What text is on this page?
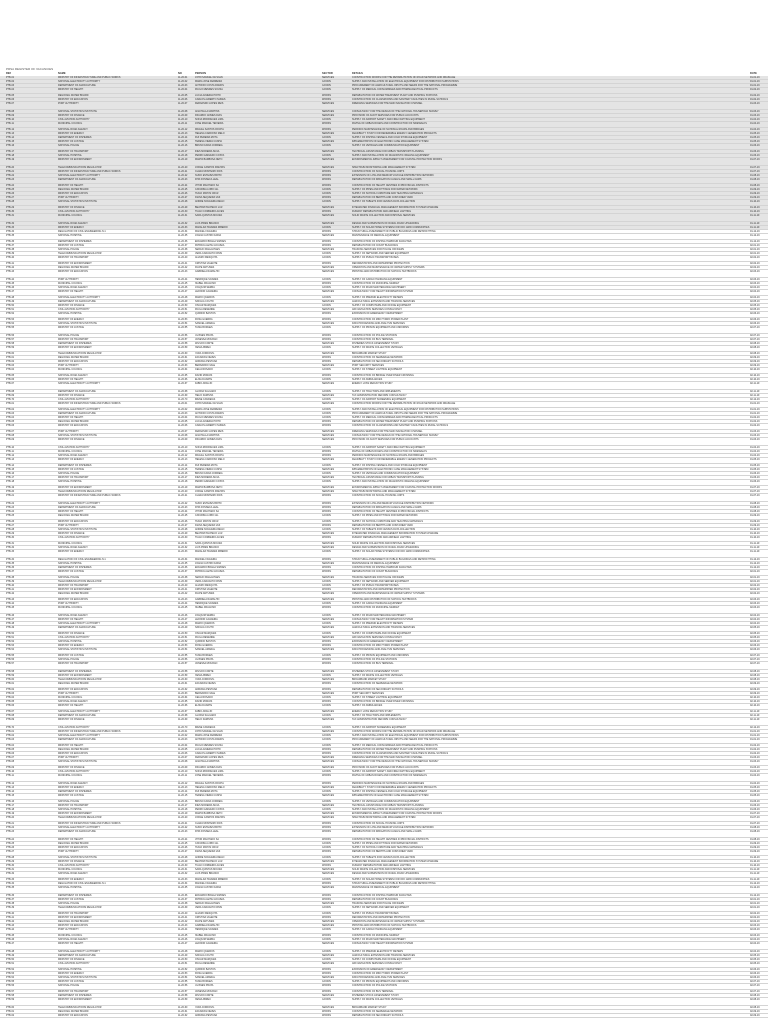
PRSA REGISTER OF VACANCIES
REF	NAME	NO	PERSON	SECTOR	DETAILS	DATE
PTB-01	MINISTRY OF INFRASTRUCTURE AND PUBLIC WORKS	11-20-01	JOHN SAMUEL DA SILVA	SERVICES	CONSTRUCTION WORKS FOR THE REHABILITATION OF ROAD NETWORK AND DRAINAGE	01-01-19
PTB-02	NATIONAL ELECTRICITY AUTHORITY	11-20-02	MARIA JOSE FERREIRA	GOODS	SUPPLY AND INSTALLATION OF ELECTRICAL EQUIPMENT FOR DISTRIBUTION SUBSTATIONS	01-01-19
PTB-03	DEPARTMENT OF AGRICULTURE	11-20-03	ANTONIO COSTA RAMOS	GOODS	PROCUREMENT OF AGRICULTURAL INPUTS AND SEEDS FOR THE NATIONAL PROGRAMME	01-01-19
PTB-04	MINISTRY OF HEALTH	11-20-04	PAULO MENDES SOUSA	GOODS	SUPPLY OF MEDICAL CONSUMABLES AND PHARMACEUTICAL PRODUCTS	01-02-19
PTB-05	REGIONAL WATER BOARD	11-20-05	LUCIA ALMEIDA PINTO	WORKS	REHABILITATION OF WATER TREATMENT PLANT AND PUMPING STATIONS	01-02-19
PTB-06	MINISTRY OF EDUCATION	11-20-06	CARLOS ALBERTO NUNES	WORKS	CONSTRUCTION OF CLASSROOMS AND SANITARY FACILITIES IN RURAL SCHOOLS	01-02-19
PTB-07	PORT AUTHORITY	11-20-07	FERNANDO LOPES REIS	SERVICES	DREDGING SERVICES FOR THE MAIN NAVIGATION CHANNEL	01-03-19
PTB-08	NATIONAL STATISTICS INSTITUTE	11-20-08	ANA PAULA MARTINS	SERVICES	CONSULTANCY FOR THE DESIGN OF THE NATIONAL HOUSEHOLD SURVEY	01-03-19
PTB-09	MINISTRY OF FINANCE	11-20-09	RICARDO GOMES DIAS	SERVICES	PROVISION OF AUDIT SERVICES FOR PUBLIC ACCOUNTS	01-03-19
PTB-10	CIVIL AVIATION AUTHORITY	11-20-10	SOFIA RODRIGUES LIMA	GOODS	SUPPLY OF AIRPORT SAFETY AND FIRE FIGHTING EQUIPMENT	01-04-19
PTB-11	MUNICIPAL COUNCIL	11-20-11	JOSE MANUEL TEIXEIRA	WORKS	PAVING OF URBAN ROADS AND CONSTRUCTION OF SIDEWALKS	01-04-19
PTB-12	NATIONAL ROAD AGENCY	11-20-12	MIGUEL SANTOS ROCHA	WORKS	PERIODIC MAINTENANCE OF NATIONAL ROADS AND BRIDGES	01-04-19
PTB-13	MINISTRY OF ENERGY	11-20-13	HELENA CARDOSO MELO	SERVICES	FEASIBILITY STUDY FOR RENEWABLE ENERGY GENERATION PROJECTS	01-05-19
PTB-14	DEPARTMENT OF FISHERIES	11-20-14	RUI PEREIRA MOTA	GOODS	SUPPLY OF FISHING VESSELS AND COLD STORAGE EQUIPMENT	01-05-19
PTB-15	MINISTRY OF JUSTICE	11-20-15	TERESA VIEIRA CUNHA	SERVICES	IMPLEMENTATION OF ELECTRONIC CASE MANAGEMENT SYSTEM	01-05-19
PTB-16	NATIONAL POLICE	11-20-16	BRUNO FARIA CORREIA	GOODS	SUPPLY OF VEHICLES AND COMMUNICATION EQUIPMENT	01-06-19
PTB-17	MINISTRY OF TRANSPORT	11-20-17	INES MOREIRA SILVA	SERVICES	TECHNICAL ASSISTANCE FOR URBAN TRANSPORT PLANNING	01-06-19
PTB-18	NATIONAL HOSPITAL	11-20-18	PEDRO AZEVEDO COSTA	GOODS	SUPPLY AND INSTALLATION OF DIAGNOSTIC IMAGING EQUIPMENT	01-06-19
PTB-19	MINISTRY OF ENVIRONMENT	11-20-19	MARTA BARBOSA NETO	SERVICES	ENVIRONMENTAL IMPACT ASSESSMENT FOR COASTAL PROTECTION WORKS	01-07-19
PTB-20	TELECOMMUNICATIONS REGULATOR	11-20-20	JORGE CAMPOS FREITAS	SERVICES	SPECTRUM MONITORING AND MANAGEMENT SYSTEM	01-07-19
PTB-21	MINISTRY OF INFRASTRUCTURE AND PUBLIC WORKS	11-20-21	CLARA MONTEIRO PAIS	WORKS	CONSTRUCTION OF SOCIAL HOUSING UNITS	01-07-19
PTB-22	NATIONAL ELECTRICITY AUTHORITY	11-20-22	NUNO ESTEVES BRITO	WORKS	EXTENSION OF LOW AND MEDIUM VOLTAGE DISTRIBUTION NETWORK	01-08-19
PTB-23	DEPARTMENT OF AGRICULTURE	11-20-23	RITA FONSECA LEAL	WORKS	REHABILITATION OF IRRIGATION CANALS AND SMALL DAMS	01-08-19
PTB-24	MINISTRY OF HEALTH	11-20-24	VITOR MACHADO SA	WORKS	CONSTRUCTION OF HEALTH CENTRES IN PROVINCIAL DISTRICTS	01-08-19
PTB-25	REGIONAL WATER BOARD	11-20-25	CATARINA LOBO GIL	GOODS	SUPPLY OF PIPES AND FITTINGS FOR WATER NETWORK	01-09-19
PTB-26	MINISTRY OF EDUCATION	11-20-26	HUGO MATOS CRUZ	GOODS	SUPPLY OF SCHOOL FURNITURE AND TEACHING MATERIALS	01-09-19
PTB-27	PORT AUTHORITY	11-20-27	DIANA SEQUEIRA VAZ	WORKS	REHABILITATION OF BERTHS AND CONTAINER YARD	01-09-19
PTB-28	NATIONAL STATISTICS INSTITUTE	11-20-28	ANDRE NOGUEIRA REGO	GOODS	SUPPLY OF TABLETS FOR CENSUS DATA COLLECTION	01-10-19
PTB-29	MINISTRY OF FINANCE	11-20-29	BEATRIZ PACHECO LUZ	SERVICES	INTEGRATED FINANCIAL MANAGEMENT INFORMATION SYSTEM UPGRADE	01-10-19
PTB-30	CIVIL AVIATION AUTHORITY	11-20-30	TIAGO CORDEIRO ALVES	WORKS	RUNWAY REHABILITATION AND AIRFIELD LIGHTING	01-10-19
PTB-31	MUNICIPAL COUNCIL	11-20-31	SARA QUINTAS MOURA	SERVICES	SOLID WASTE COLLECTION AND DISPOSAL SERVICES	01-11-19
PTB-32	NATIONAL ROAD AGENCY	11-20-32	LUIS PIRES BRANCO	SERVICES	DESIGN AND SUPERVISION OF RURAL ROAD UPGRADING	01-11-19
PTB-33	MINISTRY OF ENERGY	11-20-33	MAFALDA TAVARES RIBEIRO	GOODS	SUPPLY OF SOLAR HOME SYSTEMS FOR OFF GRID COMMUNITIES	01-11-19
PTB-34	REGULATION OF CIVIL ENGINEERING N.1	11-20-34	MANUEL FIGUEIRA	WORKS	STRUCTURAL ASSESSMENT OF PUBLIC BUILDINGS AND RETROFITTING	01-12-19
PTB-35	NATIONAL HOSPITAL	11-20-35	JOANA CASTRO FARIA	SERVICES	MAINTENANCE OF MEDICAL EQUIPMENT	01-12-19
PTB-36	DEPARTMENT OF FISHERIES	11-20-36	EDUARDO BRAGA SIMOES	WORKS	CONSTRUCTION OF FISHING HARBOUR FACILITIES	01-12-19
PTB-37	MINISTRY OF JUSTICE	11-20-37	PATRICIA LEITE GOUVEIA	WORKS	REHABILITATION OF COURT BUILDINGS	02-01-19
PTB-38	NATIONAL POLICE	11-20-38	SERGIO MAGALHAES	SERVICES	TRAINING SERVICES FOR POLICE OFFICERS	02-01-19
PTB-39	TELECOMMUNICATIONS REGULATOR	11-20-39	VERA CARVALHO DINIS	GOODS	SUPPLY OF NETWORK AND SERVER EQUIPMENT	02-01-19
PTB-40	MINISTRY OF TRANSPORT	11-20-40	ALVARO MESQUITA	GOODS	SUPPLY OF PUBLIC TRANSPORT BUSES	02-02-19
PTB-41	MINISTRY OF ENVIRONMENT	11-20-41	CRISTINA VALENTE	WORKS	REFORESTATION AND WATERSHED PROTECTION	02-02-19
PTB-42	REGIONAL WATER BOARD	11-20-42	FILIPE ANTUNES	SERVICES	OPERATION AND MAINTENANCE OF WATER SUPPLY SYSTEMS	02-02-19
PTB-43	MINISTRY OF EDUCATION	11-20-43	GABRIELA RAMALHO	SERVICES	PRINTING AND DISTRIBUTION OF SCHOOL TEXTBOOKS	02-03-19
PTB-44	PORT AUTHORITY	11-20-44	HENRIQUE SOARES	GOODS	SUPPLY OF CARGO HANDLING EQUIPMENT	02-03-19
PTB-45	MUNICIPAL COUNCIL	11-20-45	ISABEL FRAGOSO	WORKS	CONSTRUCTION OF MUNICIPAL MARKET	02-03-19
PTB-46	NATIONAL ROAD AGENCY	11-20-46	JOAQUIM SERRA	GOODS	SUPPLY OF ROAD MAINTENANCE MACHINERY	02-04-19
PTB-47	MINISTRY OF HEALTH	11-20-47	LEONOR CALDEIRA	SERVICES	CONSULTANCY FOR HEALTH INFORMATION SYSTEM	02-04-19
PTB-48	NATIONAL ELECTRICITY AUTHORITY	11-20-48	MARIO QUEIROS	GOODS	SUPPLY OF PREPAID ELECTRICITY METERS	02-04-19
PTB-49	DEPARTMENT OF AGRICULTURE	11-20-49	NATALIA COUTO	SERVICES	AGRICULTURAL EXTENSION AND TRAINING SERVICES	02-05-19
PTB-50	MINISTRY OF FINANCE	11-20-50	OSCAR MARQUES	GOODS	SUPPLY OF COMPUTERS AND OFFICE EQUIPMENT	02-05-19
PTB-51	CIVIL AVIATION AUTHORITY	11-20-51	PAULA RESENDE	SERVICES	AIR NAVIGATION SERVICES CONSULTANCY	02-05-19
PTB-52	NATIONAL HOSPITAL	11-20-52	QUIRINO BASTOS	WORKS	EXPANSION OF EMERGENCY DEPARTMENT	02-06-19
PTB-53	MINISTRY OF ENERGY	11-20-53	ROSA GUERRA	WORKS	CONSTRUCTION OF MINI HYDRO POWER PLANT	02-06-19
PTB-54	NATIONAL STATISTICS INSTITUTE	11-20-54	SAMUEL AMARAL	SERVICES	DATA PROCESSING AND ANALYSIS SERVICES	02-06-19
PTB-55	MINISTRY OF JUSTICE	11-20-55	TANIA BORGES	GOODS	SUPPLY OF PRISON EQUIPMENT AND UNIFORMS	02-07-19
PTB-56	NATIONAL POLICE	11-20-56	ULISSES PRATA	WORKS	CONSTRUCTION OF POLICE STATIONS	02-07-19
PTB-57	MINISTRY OF TRANSPORT	11-20-57	VANESSA MOURAO	WORKS	CONSTRUCTION OF BUS TERMINAL	02-07-19
PTB-58	DEPARTMENT OF FISHERIES	11-20-58	WILSON CORTE	SERVICES	FISHERIES STOCK ASSESSMENT STUDY	02-08-19
PTB-59	MINISTRY OF ENVIRONMENT	11-20-59	XENIA ABREU	GOODS	SUPPLY OF WASTE COLLECTION VEHICLES	02-08-19
PTB-60	TELECOMMUNICATIONS REGULATOR	11-20-60	YARA CORDOVIL	SERVICES	BROADBAND MARKET STUDY	02-08-19
PTB-61	REGIONAL WATER BOARD	11-20-61	ZACARIAS NEVES	WORKS	CONSTRUCTION OF SEWERAGE NETWORK	02-09-19
PTB-62	MINISTRY OF EDUCATION	11-20-62	ADRIANA PESTANA	WORKS	REHABILITATION OF SECONDARY SCHOOLS	02-09-19
PTB-63	PORT AUTHORITY	11-20-63	BERNARDO VALE	SERVICES	PORT SECURITY SERVICES	02-09-19
PTB-64	MUNICIPAL COUNCIL	11-20-64	CELIA ROSADO	GOODS	SUPPLY OF STREET LIGHTING EQUIPMENT	02-10-19
PTB-65	NATIONAL ROAD AGENCY	11-20-65	DAVID MORAIS	WORKS	CONSTRUCTION OF BRIDGE OVER RIVER CROSSING	02-10-19
PTB-66	MINISTRY OF HEALTH	11-20-66	ELISA DUARTE	GOODS	SUPPLY OF AMBULANCES	02-10-19
PTB-67	NATIONAL ELECTRICITY AUTHORITY	11-20-67	FABIO ARAUJO	SERVICES	ENERGY LOSS REDUCTION STUDY	02-11-19
PTB-68	DEPARTMENT OF AGRICULTURE	11-20-68	GLORIA SALGADO	GOODS	SUPPLY OF TRACTORS AND IMPLEMENTS	02-11-19
PTB-69	MINISTRY OF FINANCE	11-20-69	HELIO FARINHA	SERVICES	TAX ADMINISTRATION REFORM CONSULTANCY	02-11-19
PTB-70	CIVIL AVIATION AUTHORITY	11-20-70	IRENE CANDEIAS	GOODS	SUPPLY OF AIRPORT SCREENING EQUIPMENT	02-12-19
PTB-01	MINISTRY OF INFRASTRUCTURE AND PUBLIC WORKS	11-20-01	JOHN SAMUEL DA SILVA	SERVICES	CONSTRUCTION WORKS FOR THE REHABILITATION OF ROAD NETWORK AND DRAINAGE	01-01-19
PTB-02	NATIONAL ELECTRICITY AUTHORITY	11-20-02	MARIA JOSE FERREIRA	GOODS	SUPPLY AND INSTALLATION OF ELECTRICAL EQUIPMENT FOR DISTRIBUTION SUBSTATIONS	01-01-19
PTB-03	DEPARTMENT OF AGRICULTURE	11-20-03	ANTONIO COSTA RAMOS	GOODS	PROCUREMENT OF AGRICULTURAL INPUTS AND SEEDS FOR THE NATIONAL PROGRAMME	01-01-19
PTB-04	MINISTRY OF HEALTH	11-20-04	PAULO MENDES SOUSA	GOODS	SUPPLY OF MEDICAL CONSUMABLES AND PHARMACEUTICAL PRODUCTS	01-02-19
PTB-05	REGIONAL WATER BOARD	11-20-05	LUCIA ALMEIDA PINTO	WORKS	REHABILITATION OF WATER TREATMENT PLANT AND PUMPING STATIONS	01-02-19
PTB-06	MINISTRY OF EDUCATION	11-20-06	CARLOS ALBERTO NUNES	WORKS	CONSTRUCTION OF CLASSROOMS AND SANITARY FACILITIES IN RURAL SCHOOLS	01-02-19
PTB-07	PORT AUTHORITY	11-20-07	FERNANDO LOPES REIS	SERVICES	DREDGING SERVICES FOR THE MAIN NAVIGATION CHANNEL	01-03-19
PTB-08	NATIONAL STATISTICS INSTITUTE	11-20-08	ANA PAULA MARTINS	SERVICES	CONSULTANCY FOR THE DESIGN OF THE NATIONAL HOUSEHOLD SURVEY	01-03-19
PTB-09	MINISTRY OF FINANCE	11-20-09	RICARDO GOMES DIAS	SERVICES	PROVISION OF AUDIT SERVICES FOR PUBLIC ACCOUNTS	01-03-19
PTB-10	CIVIL AVIATION AUTHORITY	11-20-10	SOFIA RODRIGUES LIMA	GOODS	SUPPLY OF AIRPORT SAFETY AND FIRE FIGHTING EQUIPMENT	01-04-19
PTB-11	MUNICIPAL COUNCIL	11-20-11	JOSE MANUEL TEIXEIRA	WORKS	PAVING OF URBAN ROADS AND CONSTRUCTION OF SIDEWALKS	01-04-19
PTB-12	NATIONAL ROAD AGENCY	11-20-12	MIGUEL SANTOS ROCHA	WORKS	PERIODIC MAINTENANCE OF NATIONAL ROADS AND BRIDGES	01-04-19
PTB-13	MINISTRY OF ENERGY	11-20-13	HELENA CARDOSO MELO	SERVICES	FEASIBILITY STUDY FOR RENEWABLE ENERGY GENERATION PROJECTS	01-05-19
PTB-14	DEPARTMENT OF FISHERIES	11-20-14	RUI PEREIRA MOTA	GOODS	SUPPLY OF FISHING VESSELS AND COLD STORAGE EQUIPMENT	01-05-19
PTB-15	MINISTRY OF JUSTICE	11-20-15	TERESA VIEIRA CUNHA	SERVICES	IMPLEMENTATION OF ELECTRONIC CASE MANAGEMENT SYSTEM	01-05-19
PTB-16	NATIONAL POLICE	11-20-16	BRUNO FARIA CORREIA	GOODS	SUPPLY OF VEHICLES AND COMMUNICATION EQUIPMENT	01-06-19
PTB-17	MINISTRY OF TRANSPORT	11-20-17	INES MOREIRA SILVA	SERVICES	TECHNICAL ASSISTANCE FOR URBAN TRANSPORT PLANNING	01-06-19
PTB-18	NATIONAL HOSPITAL	11-20-18	PEDRO AZEVEDO COSTA	GOODS	SUPPLY AND INSTALLATION OF DIAGNOSTIC IMAGING EQUIPMENT	01-06-19
PTB-19	MINISTRY OF ENVIRONMENT	11-20-19	MARTA BARBOSA NETO	SERVICES	ENVIRONMENTAL IMPACT ASSESSMENT FOR COASTAL PROTECTION WORKS	01-07-19
PTB-20	TELECOMMUNICATIONS REGULATOR	11-20-20	JORGE CAMPOS FREITAS	SERVICES	SPECTRUM MONITORING AND MANAGEMENT SYSTEM	01-07-19
PTB-21	MINISTRY OF INFRASTRUCTURE AND PUBLIC WORKS	11-20-21	CLARA MONTEIRO PAIS	WORKS	CONSTRUCTION OF SOCIAL HOUSING UNITS	01-07-19
PTB-22	NATIONAL ELECTRICITY AUTHORITY	11-20-22	NUNO ESTEVES BRITO	WORKS	EXTENSION OF LOW AND MEDIUM VOLTAGE DISTRIBUTION NETWORK	01-08-19
PTB-23	DEPARTMENT OF AGRICULTURE	11-20-23	RITA FONSECA LEAL	WORKS	REHABILITATION OF IRRIGATION CANALS AND SMALL DAMS	01-08-19
PTB-24	MINISTRY OF HEALTH	11-20-24	VITOR MACHADO SA	WORKS	CONSTRUCTION OF HEALTH CENTRES IN PROVINCIAL DISTRICTS	01-08-19
PTB-25	REGIONAL WATER BOARD	11-20-25	CATARINA LOBO GIL	GOODS	SUPPLY OF PIPES AND FITTINGS FOR WATER NETWORK	01-09-19
PTB-26	MINISTRY OF EDUCATION	11-20-26	HUGO MATOS CRUZ	GOODS	SUPPLY OF SCHOOL FURNITURE AND TEACHING MATERIALS	01-09-19
PTB-27	PORT AUTHORITY	11-20-27	DIANA SEQUEIRA VAZ	WORKS	REHABILITATION OF BERTHS AND CONTAINER YARD	01-09-19
PTB-28	NATIONAL STATISTICS INSTITUTE	11-20-28	ANDRE NOGUEIRA REGO	GOODS	SUPPLY OF TABLETS FOR CENSUS DATA COLLECTION	01-10-19
PTB-29	MINISTRY OF FINANCE	11-20-29	BEATRIZ PACHECO LUZ	SERVICES	INTEGRATED FINANCIAL MANAGEMENT INFORMATION SYSTEM UPGRADE	01-10-19
PTB-30	CIVIL AVIATION AUTHORITY	11-20-30	TIAGO CORDEIRO ALVES	WORKS	RUNWAY REHABILITATION AND AIRFIELD LIGHTING	01-10-19
PTB-31	MUNICIPAL COUNCIL	11-20-31	SARA QUINTAS MOURA	SERVICES	SOLID WASTE COLLECTION AND DISPOSAL SERVICES	01-11-19
PTB-32	NATIONAL ROAD AGENCY	11-20-32	LUIS PIRES BRANCO	SERVICES	DESIGN AND SUPERVISION OF RURAL ROAD UPGRADING	01-11-19
PTB-33	MINISTRY OF ENERGY	11-20-33	MAFALDA TAVARES RIBEIRO	GOODS	SUPPLY OF SOLAR HOME SYSTEMS FOR OFF GRID COMMUNITIES	01-11-19
PTB-34	REGULATION OF CIVIL ENGINEERING N.1	11-20-34	MANUEL FIGUEIRA	WORKS	STRUCTURAL ASSESSMENT OF PUBLIC BUILDINGS AND RETROFITTING	01-12-19
PTB-35	NATIONAL HOSPITAL	11-20-35	JOANA CASTRO FARIA	SERVICES	MAINTENANCE OF MEDICAL EQUIPMENT	01-12-19
PTB-36	DEPARTMENT OF FISHERIES	11-20-36	EDUARDO BRAGA SIMOES	WORKS	CONSTRUCTION OF FISHING HARBOUR FACILITIES	01-12-19
PTB-37	MINISTRY OF JUSTICE	11-20-37	PATRICIA LEITE GOUVEIA	WORKS	REHABILITATION OF COURT BUILDINGS	02-01-19
PTB-38	NATIONAL POLICE	11-20-38	SERGIO MAGALHAES	SERVICES	TRAINING SERVICES FOR POLICE OFFICERS	02-01-19
PTB-39	TELECOMMUNICATIONS REGULATOR	11-20-39	VERA CARVALHO DINIS	GOODS	SUPPLY OF NETWORK AND SERVER EQUIPMENT	02-01-19
PTB-40	MINISTRY OF TRANSPORT	11-20-40	ALVARO MESQUITA	GOODS	SUPPLY OF PUBLIC TRANSPORT BUSES	02-02-19
PTB-41	MINISTRY OF ENVIRONMENT	11-20-41	CRISTINA VALENTE	WORKS	REFORESTATION AND WATERSHED PROTECTION	02-02-19
PTB-42	REGIONAL WATER BOARD	11-20-42	FILIPE ANTUNES	SERVICES	OPERATION AND MAINTENANCE OF WATER SUPPLY SYSTEMS	02-02-19
PTB-43	MINISTRY OF EDUCATION	11-20-43	GABRIELA RAMALHO	SERVICES	PRINTING AND DISTRIBUTION OF SCHOOL TEXTBOOKS	02-03-19
PTB-44	PORT AUTHORITY	11-20-44	HENRIQUE SOARES	GOODS	SUPPLY OF CARGO HANDLING EQUIPMENT	02-03-19
PTB-45	MUNICIPAL COUNCIL	11-20-45	ISABEL FRAGOSO	WORKS	CONSTRUCTION OF MUNICIPAL MARKET	02-03-19
PTB-46	NATIONAL ROAD AGENCY	11-20-46	JOAQUIM SERRA	GOODS	SUPPLY OF ROAD MAINTENANCE MACHINERY	02-04-19
PTB-47	MINISTRY OF HEALTH	11-20-47	LEONOR CALDEIRA	SERVICES	CONSULTANCY FOR HEALTH INFORMATION SYSTEM	02-04-19
PTB-48	NATIONAL ELECTRICITY AUTHORITY	11-20-48	MARIO QUEIROS	GOODS	SUPPLY OF PREPAID ELECTRICITY METERS	02-04-19
PTB-49	DEPARTMENT OF AGRICULTURE	11-20-49	NATALIA COUTO	SERVICES	AGRICULTURAL EXTENSION AND TRAINING SERVICES	02-05-19
PTB-50	MINISTRY OF FINANCE	11-20-50	OSCAR MARQUES	GOODS	SUPPLY OF COMPUTERS AND OFFICE EQUIPMENT	02-05-19
PTB-51	CIVIL AVIATION AUTHORITY	11-20-51	PAULA RESENDE	SERVICES	AIR NAVIGATION SERVICES CONSULTANCY	02-05-19
PTB-52	NATIONAL HOSPITAL	11-20-52	QUIRINO BASTOS	WORKS	EXPANSION OF EMERGENCY DEPARTMENT	02-06-19
PTB-53	MINISTRY OF ENERGY	11-20-53	ROSA GUERRA	WORKS	CONSTRUCTION OF MINI HYDRO POWER PLANT	02-06-19
PTB-54	NATIONAL STATISTICS INSTITUTE	11-20-54	SAMUEL AMARAL	SERVICES	DATA PROCESSING AND ANALYSIS SERVICES	02-06-19
PTB-55	MINISTRY OF JUSTICE	11-20-55	TANIA BORGES	GOODS	SUPPLY OF PRISON EQUIPMENT AND UNIFORMS	02-07-19
PTB-56	NATIONAL POLICE	11-20-56	ULISSES PRATA	WORKS	CONSTRUCTION OF POLICE STATIONS	02-07-19
PTB-57	MINISTRY OF TRANSPORT	11-20-57	VANESSA MOURAO	WORKS	CONSTRUCTION OF BUS TERMINAL	02-07-19
PTB-58	DEPARTMENT OF FISHERIES	11-20-58	WILSON CORTE	SERVICES	FISHERIES STOCK ASSESSMENT STUDY	02-08-19
PTB-59	MINISTRY OF ENVIRONMENT	11-20-59	XENIA ABREU	GOODS	SUPPLY OF WASTE COLLECTION VEHICLES	02-08-19
PTB-60	TELECOMMUNICATIONS REGULATOR	11-20-60	YARA CORDOVIL	SERVICES	BROADBAND MARKET STUDY	02-08-19
PTB-61	REGIONAL WATER BOARD	11-20-61	ZACARIAS NEVES	WORKS	CONSTRUCTION OF SEWERAGE NETWORK	02-09-19
PTB-62	MINISTRY OF EDUCATION	11-20-62	ADRIANA PESTANA	WORKS	REHABILITATION OF SECONDARY SCHOOLS	02-09-19
PTB-63	PORT AUTHORITY	11-20-63	BERNARDO VALE	SERVICES	PORT SECURITY SERVICES	02-09-19
PTB-64	MUNICIPAL COUNCIL	11-20-64	CELIA ROSADO	GOODS	SUPPLY OF STREET LIGHTING EQUIPMENT	02-10-19
PTB-65	NATIONAL ROAD AGENCY	11-20-65	DAVID MORAIS	WORKS	CONSTRUCTION OF BRIDGE OVER RIVER CROSSING	02-10-19
PTB-66	MINISTRY OF HEALTH	11-20-66	ELISA DUARTE	GOODS	SUPPLY OF AMBULANCES	02-10-19
PTB-67	NATIONAL ELECTRICITY AUTHORITY	11-20-67	FABIO ARAUJO	SERVICES	ENERGY LOSS REDUCTION STUDY	02-11-19
PTB-68	DEPARTMENT OF AGRICULTURE	11-20-68	GLORIA SALGADO	GOODS	SUPPLY OF TRACTORS AND IMPLEMENTS	02-11-19
PTB-69	MINISTRY OF FINANCE	11-20-69	HELIO FARINHA	SERVICES	TAX ADMINISTRATION REFORM CONSULTANCY	02-11-19
PTB-70	CIVIL AVIATION AUTHORITY	11-20-70	IRENE CANDEIAS	GOODS	SUPPLY OF AIRPORT SCREENING EQUIPMENT	02-12-19
PTB-01	MINISTRY OF INFRASTRUCTURE AND PUBLIC WORKS	11-20-01	JOHN SAMUEL DA SILVA	SERVICES	CONSTRUCTION WORKS FOR THE REHABILITATION OF ROAD NETWORK AND DRAINAGE	01-01-19
PTB-02	NATIONAL ELECTRICITY AUTHORITY	11-20-02	MARIA JOSE FERREIRA	GOODS	SUPPLY AND INSTALLATION OF ELECTRICAL EQUIPMENT FOR DISTRIBUTION SUBSTATIONS	01-01-19
PTB-03	DEPARTMENT OF AGRICULTURE	11-20-03	ANTONIO COSTA RAMOS	GOODS	PROCUREMENT OF AGRICULTURAL INPUTS AND SEEDS FOR THE NATIONAL PROGRAMME	01-01-19
PTB-04	MINISTRY OF HEALTH	11-20-04	PAULO MENDES SOUSA	GOODS	SUPPLY OF MEDICAL CONSUMABLES AND PHARMACEUTICAL PRODUCTS	01-02-19
PTB-05	REGIONAL WATER BOARD	11-20-05	LUCIA ALMEIDA PINTO	WORKS	REHABILITATION OF WATER TREATMENT PLANT AND PUMPING STATIONS	01-02-19
PTB-06	MINISTRY OF EDUCATION	11-20-06	CARLOS ALBERTO NUNES	WORKS	CONSTRUCTION OF CLASSROOMS AND SANITARY FACILITIES IN RURAL SCHOOLS	01-02-19
PTB-07	PORT AUTHORITY	11-20-07	FERNANDO LOPES REIS	SERVICES	DREDGING SERVICES FOR THE MAIN NAVIGATION CHANNEL	01-03-19
PTB-08	NATIONAL STATISTICS INSTITUTE	11-20-08	ANA PAULA MARTINS	SERVICES	CONSULTANCY FOR THE DESIGN OF THE NATIONAL HOUSEHOLD SURVEY	01-03-19
PTB-09	MINISTRY OF FINANCE	11-20-09	RICARDO GOMES DIAS	SERVICES	PROVISION OF AUDIT SERVICES FOR PUBLIC ACCOUNTS	01-03-19
PTB-10	CIVIL AVIATION AUTHORITY	11-20-10	SOFIA RODRIGUES LIMA	GOODS	SUPPLY OF AIRPORT SAFETY AND FIRE FIGHTING EQUIPMENT	01-04-19
PTB-11	MUNICIPAL COUNCIL	11-20-11	JOSE MANUEL TEIXEIRA	WORKS	PAVING OF URBAN ROADS AND CONSTRUCTION OF SIDEWALKS	01-04-19
PTB-12	NATIONAL ROAD AGENCY	11-20-12	MIGUEL SANTOS ROCHA	WORKS	PERIODIC MAINTENANCE OF NATIONAL ROADS AND BRIDGES	01-04-19
PTB-13	MINISTRY OF ENERGY	11-20-13	HELENA CARDOSO MELO	SERVICES	FEASIBILITY STUDY FOR RENEWABLE ENERGY GENERATION PROJECTS	01-05-19
PTB-14	DEPARTMENT OF FISHERIES	11-20-14	RUI PEREIRA MOTA	GOODS	SUPPLY OF FISHING VESSELS AND COLD STORAGE EQUIPMENT	01-05-19
PTB-15	MINISTRY OF JUSTICE	11-20-15	TERESA VIEIRA CUNHA	SERVICES	IMPLEMENTATION OF ELECTRONIC CASE MANAGEMENT SYSTEM	01-05-19
PTB-16	NATIONAL POLICE	11-20-16	BRUNO FARIA CORREIA	GOODS	SUPPLY OF VEHICLES AND COMMUNICATION EQUIPMENT	01-06-19
PTB-17	MINISTRY OF TRANSPORT	11-20-17	INES MOREIRA SILVA	SERVICES	TECHNICAL ASSISTANCE FOR URBAN TRANSPORT PLANNING	01-06-19
PTB-18	NATIONAL HOSPITAL	11-20-18	PEDRO AZEVEDO COSTA	GOODS	SUPPLY AND INSTALLATION OF DIAGNOSTIC IMAGING EQUIPMENT	01-06-19
PTB-19	MINISTRY OF ENVIRONMENT	11-20-19	MARTA BARBOSA NETO	SERVICES	ENVIRONMENTAL IMPACT ASSESSMENT FOR COASTAL PROTECTION WORKS	01-07-19
PTB-20	TELECOMMUNICATIONS REGULATOR	11-20-20	JORGE CAMPOS FREITAS	SERVICES	SPECTRUM MONITORING AND MANAGEMENT SYSTEM	01-07-19
PTB-21	MINISTRY OF INFRASTRUCTURE AND PUBLIC WORKS	11-20-21	CLARA MONTEIRO PAIS	WORKS	CONSTRUCTION OF SOCIAL HOUSING UNITS	01-07-19
PTB-22	NATIONAL ELECTRICITY AUTHORITY	11-20-22	NUNO ESTEVES BRITO	WORKS	EXTENSION OF LOW AND MEDIUM VOLTAGE DISTRIBUTION NETWORK	01-08-19
PTB-23	DEPARTMENT OF AGRICULTURE	11-20-23	RITA FONSECA LEAL	WORKS	REHABILITATION OF IRRIGATION CANALS AND SMALL DAMS	01-08-19
PTB-24	MINISTRY OF HEALTH	11-20-24	VITOR MACHADO SA	WORKS	CONSTRUCTION OF HEALTH CENTRES IN PROVINCIAL DISTRICTS	01-08-19
PTB-25	REGIONAL WATER BOARD	11-20-25	CATARINA LOBO GIL	GOODS	SUPPLY OF PIPES AND FITTINGS FOR WATER NETWORK	01-09-19
PTB-26	MINISTRY OF EDUCATION	11-20-26	HUGO MATOS CRUZ	GOODS	SUPPLY OF SCHOOL FURNITURE AND TEACHING MATERIALS	01-09-19
PTB-27	PORT AUTHORITY	11-20-27	DIANA SEQUEIRA VAZ	WORKS	REHABILITATION OF BERTHS AND CONTAINER YARD	01-09-19
PTB-28	NATIONAL STATISTICS INSTITUTE	11-20-28	ANDRE NOGUEIRA REGO	GOODS	SUPPLY OF TABLETS FOR CENSUS DATA COLLECTION	01-10-19
PTB-29	MINISTRY OF FINANCE	11-20-29	BEATRIZ PACHECO LUZ	SERVICES	INTEGRATED FINANCIAL MANAGEMENT INFORMATION SYSTEM UPGRADE	01-10-19
PTB-30	CIVIL AVIATION AUTHORITY	11-20-30	TIAGO CORDEIRO ALVES	WORKS	RUNWAY REHABILITATION AND AIRFIELD LIGHTING	01-10-19
PTB-31	MUNICIPAL COUNCIL	11-20-31	SARA QUINTAS MOURA	SERVICES	SOLID WASTE COLLECTION AND DISPOSAL SERVICES	01-11-19
PTB-32	NATIONAL ROAD AGENCY	11-20-32	LUIS PIRES BRANCO	SERVICES	DESIGN AND SUPERVISION OF RURAL ROAD UPGRADING	01-11-19
PTB-33	MINISTRY OF ENERGY	11-20-33	MAFALDA TAVARES RIBEIRO	GOODS	SUPPLY OF SOLAR HOME SYSTEMS FOR OFF GRID COMMUNITIES	01-11-19
PTB-34	REGULATION OF CIVIL ENGINEERING N.1	11-20-34	MANUEL FIGUEIRA	WORKS	STRUCTURAL ASSESSMENT OF PUBLIC BUILDINGS AND RETROFITTING	01-12-19
PTB-35	NATIONAL HOSPITAL	11-20-35	JOANA CASTRO FARIA	SERVICES	MAINTENANCE OF MEDICAL EQUIPMENT	01-12-19
PTB-36	DEPARTMENT OF FISHERIES	11-20-36	EDUARDO BRAGA SIMOES	WORKS	CONSTRUCTION OF FISHING HARBOUR FACILITIES	01-12-19
PTB-37	MINISTRY OF JUSTICE	11-20-37	PATRICIA LEITE GOUVEIA	WORKS	REHABILITATION OF COURT BUILDINGS	02-01-19
PTB-38	NATIONAL POLICE	11-20-38	SERGIO MAGALHAES	SERVICES	TRAINING SERVICES FOR POLICE OFFICERS	02-01-19
PTB-39	TELECOMMUNICATIONS REGULATOR	11-20-39	VERA CARVALHO DINIS	GOODS	SUPPLY OF NETWORK AND SERVER EQUIPMENT	02-01-19
PTB-40	MINISTRY OF TRANSPORT	11-20-40	ALVARO MESQUITA	GOODS	SUPPLY OF PUBLIC TRANSPORT BUSES	02-02-19
PTB-41	MINISTRY OF ENVIRONMENT	11-20-41	CRISTINA VALENTE	WORKS	REFORESTATION AND WATERSHED PROTECTION	02-02-19
PTB-42	REGIONAL WATER BOARD	11-20-42	FILIPE ANTUNES	SERVICES	OPERATION AND MAINTENANCE OF WATER SUPPLY SYSTEMS	02-02-19
PTB-43	MINISTRY OF EDUCATION	11-20-43	GABRIELA RAMALHO	SERVICES	PRINTING AND DISTRIBUTION OF SCHOOL TEXTBOOKS	02-03-19
PTB-44	PORT AUTHORITY	11-20-44	HENRIQUE SOARES	GOODS	SUPPLY OF CARGO HANDLING EQUIPMENT	02-03-19
PTB-45	MUNICIPAL COUNCIL	11-20-45	ISABEL FRAGOSO	WORKS	CONSTRUCTION OF MUNICIPAL MARKET	02-03-19
PTB-46	NATIONAL ROAD AGENCY	11-20-46	JOAQUIM SERRA	GOODS	SUPPLY OF ROAD MAINTENANCE MACHINERY	02-04-19
PTB-47	MINISTRY OF HEALTH	11-20-47	LEONOR CALDEIRA	SERVICES	CONSULTANCY FOR HEALTH INFORMATION SYSTEM	02-04-19
PTB-48	NATIONAL ELECTRICITY AUTHORITY	11-20-48	MARIO QUEIROS	GOODS	SUPPLY OF PREPAID ELECTRICITY METERS	02-04-19
PTB-49	DEPARTMENT OF AGRICULTURE	11-20-49	NATALIA COUTO	SERVICES	AGRICULTURAL EXTENSION AND TRAINING SERVICES	02-05-19
PTB-50	MINISTRY OF FINANCE	11-20-50	OSCAR MARQUES	GOODS	SUPPLY OF COMPUTERS AND OFFICE EQUIPMENT	02-05-19
PTB-51	CIVIL AVIATION AUTHORITY	11-20-51	PAULA RESENDE	SERVICES	AIR NAVIGATION SERVICES CONSULTANCY	02-05-19
PTB-52	NATIONAL HOSPITAL	11-20-52	QUIRINO BASTOS	WORKS	EXPANSION OF EMERGENCY DEPARTMENT	02-06-19
PTB-53	MINISTRY OF ENERGY	11-20-53	ROSA GUERRA	WORKS	CONSTRUCTION OF MINI HYDRO POWER PLANT	02-06-19
PTB-54	NATIONAL STATISTICS INSTITUTE	11-20-54	SAMUEL AMARAL	SERVICES	DATA PROCESSING AND ANALYSIS SERVICES	02-06-19
PTB-55	MINISTRY OF JUSTICE	11-20-55	TANIA BORGES	GOODS	SUPPLY OF PRISON EQUIPMENT AND UNIFORMS	02-07-19
PTB-56	NATIONAL POLICE	11-20-56	ULISSES PRATA	WORKS	CONSTRUCTION OF POLICE STATIONS	02-07-19
PTB-57	MINISTRY OF TRANSPORT	11-20-57	VANESSA MOURAO	WORKS	CONSTRUCTION OF BUS TERMINAL	02-07-19
PTB-58	DEPARTMENT OF FISHERIES	11-20-58	WILSON CORTE	SERVICES	FISHERIES STOCK ASSESSMENT STUDY	02-08-19
PTB-59	MINISTRY OF ENVIRONMENT	11-20-59	XENIA ABREU	GOODS	SUPPLY OF WASTE COLLECTION VEHICLES	02-08-19
PTB-60	TELECOMMUNICATIONS REGULATOR	11-20-60	YARA CORDOVIL	SERVICES	BROADBAND MARKET STUDY	02-08-19
PTB-61	REGIONAL WATER BOARD	11-20-61	ZACARIAS NEVES	WORKS	CONSTRUCTION OF SEWERAGE NETWORK	02-09-19
PTB-62	MINISTRY OF EDUCATION	11-20-62	ADRIANA PESTANA	WORKS	REHABILITATION OF SECONDARY SCHOOLS	02-09-19
